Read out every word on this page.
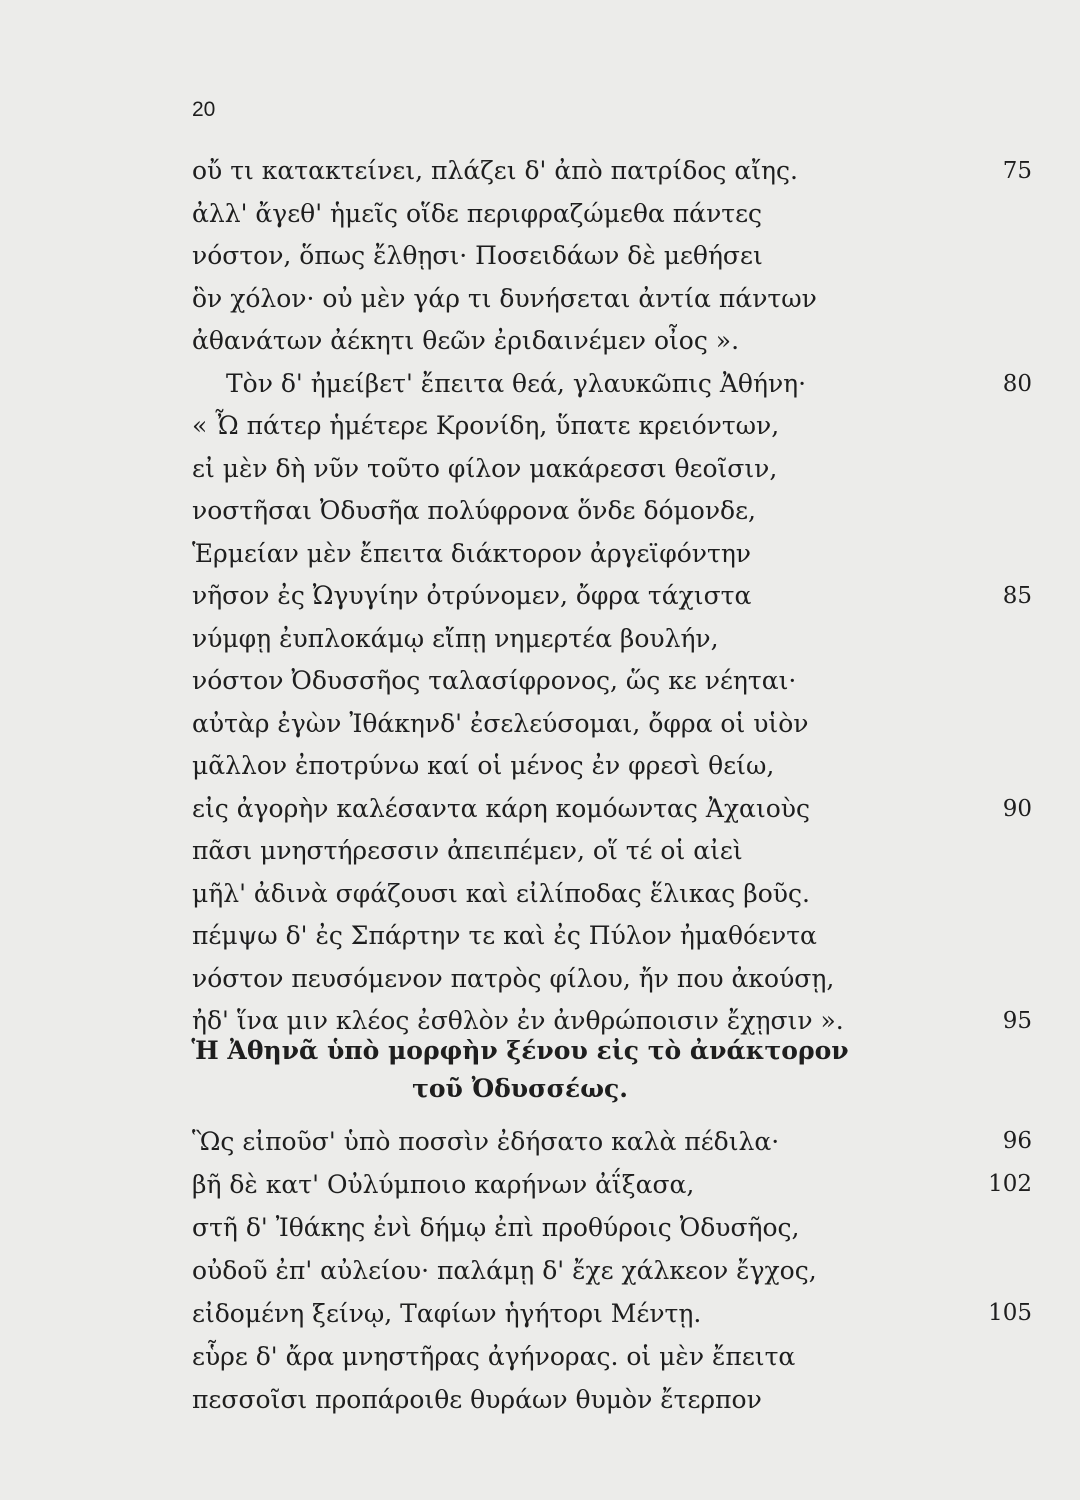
20
οὔ τι κατακτείνει, πλάζει δ' ἀπὸ πατρίδος αἴης.	75
ἀλλ' ἄγεθ' ἡμεῖς οἵδε περιφραζώμεθα πάντες
νόστον, ὅπως ἔλθῃσι· Ποσειδάων δὲ μεθήσει
ὃν χόλον· οὐ μὲν γάρ τι δυνήσεται ἀντία πάντων
ἀθανάτων ἀέκητι θεῶν ἐριδαινέμεν οἶος ».
Τὸν δ' ἠμείβετ' ἔπειτα θεά, γλαυκῶπις Ἀθήνη·	80
« Ὦ πάτερ ἡμέτερε Κρονίδη, ὕπατε κρειόντων,
εἰ μὲν δὴ νῦν τοῦτο φίλον μακάρεσσι θεοῖσιν,
νοστῆσαι Ὀδυσῆα πολύφρονα ὅνδε δόμονδε,
Ἑρμείαν μὲν ἔπειτα διάκτορον ἀργεϊφόντην
νῆσον ἐς Ὠγυγίην ὀτρύνομεν, ὄφρα τάχιστα	85
νύμφῃ ἐυπλοκάμῳ εἴπῃ νημερτέα βουλήν,
νόστον Ὀδυσσῆος ταλασίφρονος, ὥς κε νέηται·
αὐτὰρ ἐγὼν Ἰθάκηνδ' ἐσελεύσομαι, ὄφρα οἱ υἱὸν
μᾶλλον ἐποτρύνω καί οἱ μένος ἐν φρεσὶ θείω,
εἰς ἀγορὴν καλέσαντα κάρη κομόωντας Ἀχαιοὺς	90
πᾶσι μνηστήρεσσιν ἀπειπέμεν, οἵ τέ οἱ αἰεὶ
μῆλ' ἀδινὰ σφάζουσι καὶ εἰλίποδας ἕλικας βοῦς.
πέμψω δ' ἐς Σπάρτην τε καὶ ἐς Πύλον ἠμαθόεντα
νόστον πευσόμενον πατρὸς φίλου, ἤν που ἀκούσῃ,
ἠδ' ἵνα μιν κλέος ἐσθλὸν ἐν ἀνθρώποισιν ἔχῃσιν ».	95
Ἡ Ἀθηνᾶ ὑπὸ μορφὴν ξένου εἰς τὸ ἀνάκτορον
τοῦ Ὀδυσσέως.
Ὣς εἰποῦσ' ὑπὸ ποσσὶν ἐδήσατο καλὰ πέδιλα·	96
βῆ δὲ κατ' Οὐλύμποιο καρήνων ἀΐξασα,	102
στῆ δ' Ἰθάκης ἐνὶ δήμῳ ἐπὶ προθύροις Ὀδυσῆος,
οὐδοῦ ἐπ' αὐλείου· παλάμῃ δ' ἔχε χάλκεον ἔγχος,
εἰδομένη ξείνῳ, Ταφίων ἡγήτορι Μέντῃ.	105
εὗρε δ' ἄρα μνηστῆρας ἀγήνορας. οἱ μὲν ἔπειτα
πεσσοῖσι προπάροιθε θυράων θυμὸν ἔτερπον
